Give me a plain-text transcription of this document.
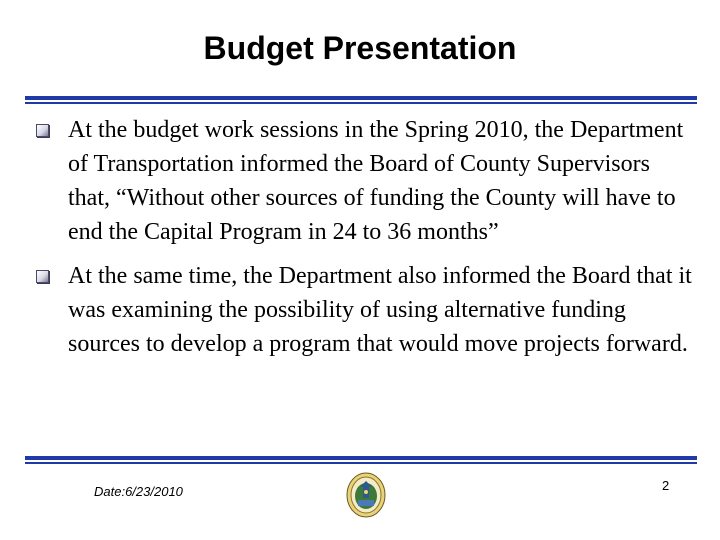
Budget Presentation
At the budget work sessions in the Spring 2010, the Department of Transportation informed the Board of County Supervisors that, “Without other sources of funding the County will have to end the Capital Program in 24 to 36 months”
At the same time, the Department also informed the Board that it was examining the possibility of using alternative funding sources to develop a program that would move projects forward.
Date:6/23/2010	2
